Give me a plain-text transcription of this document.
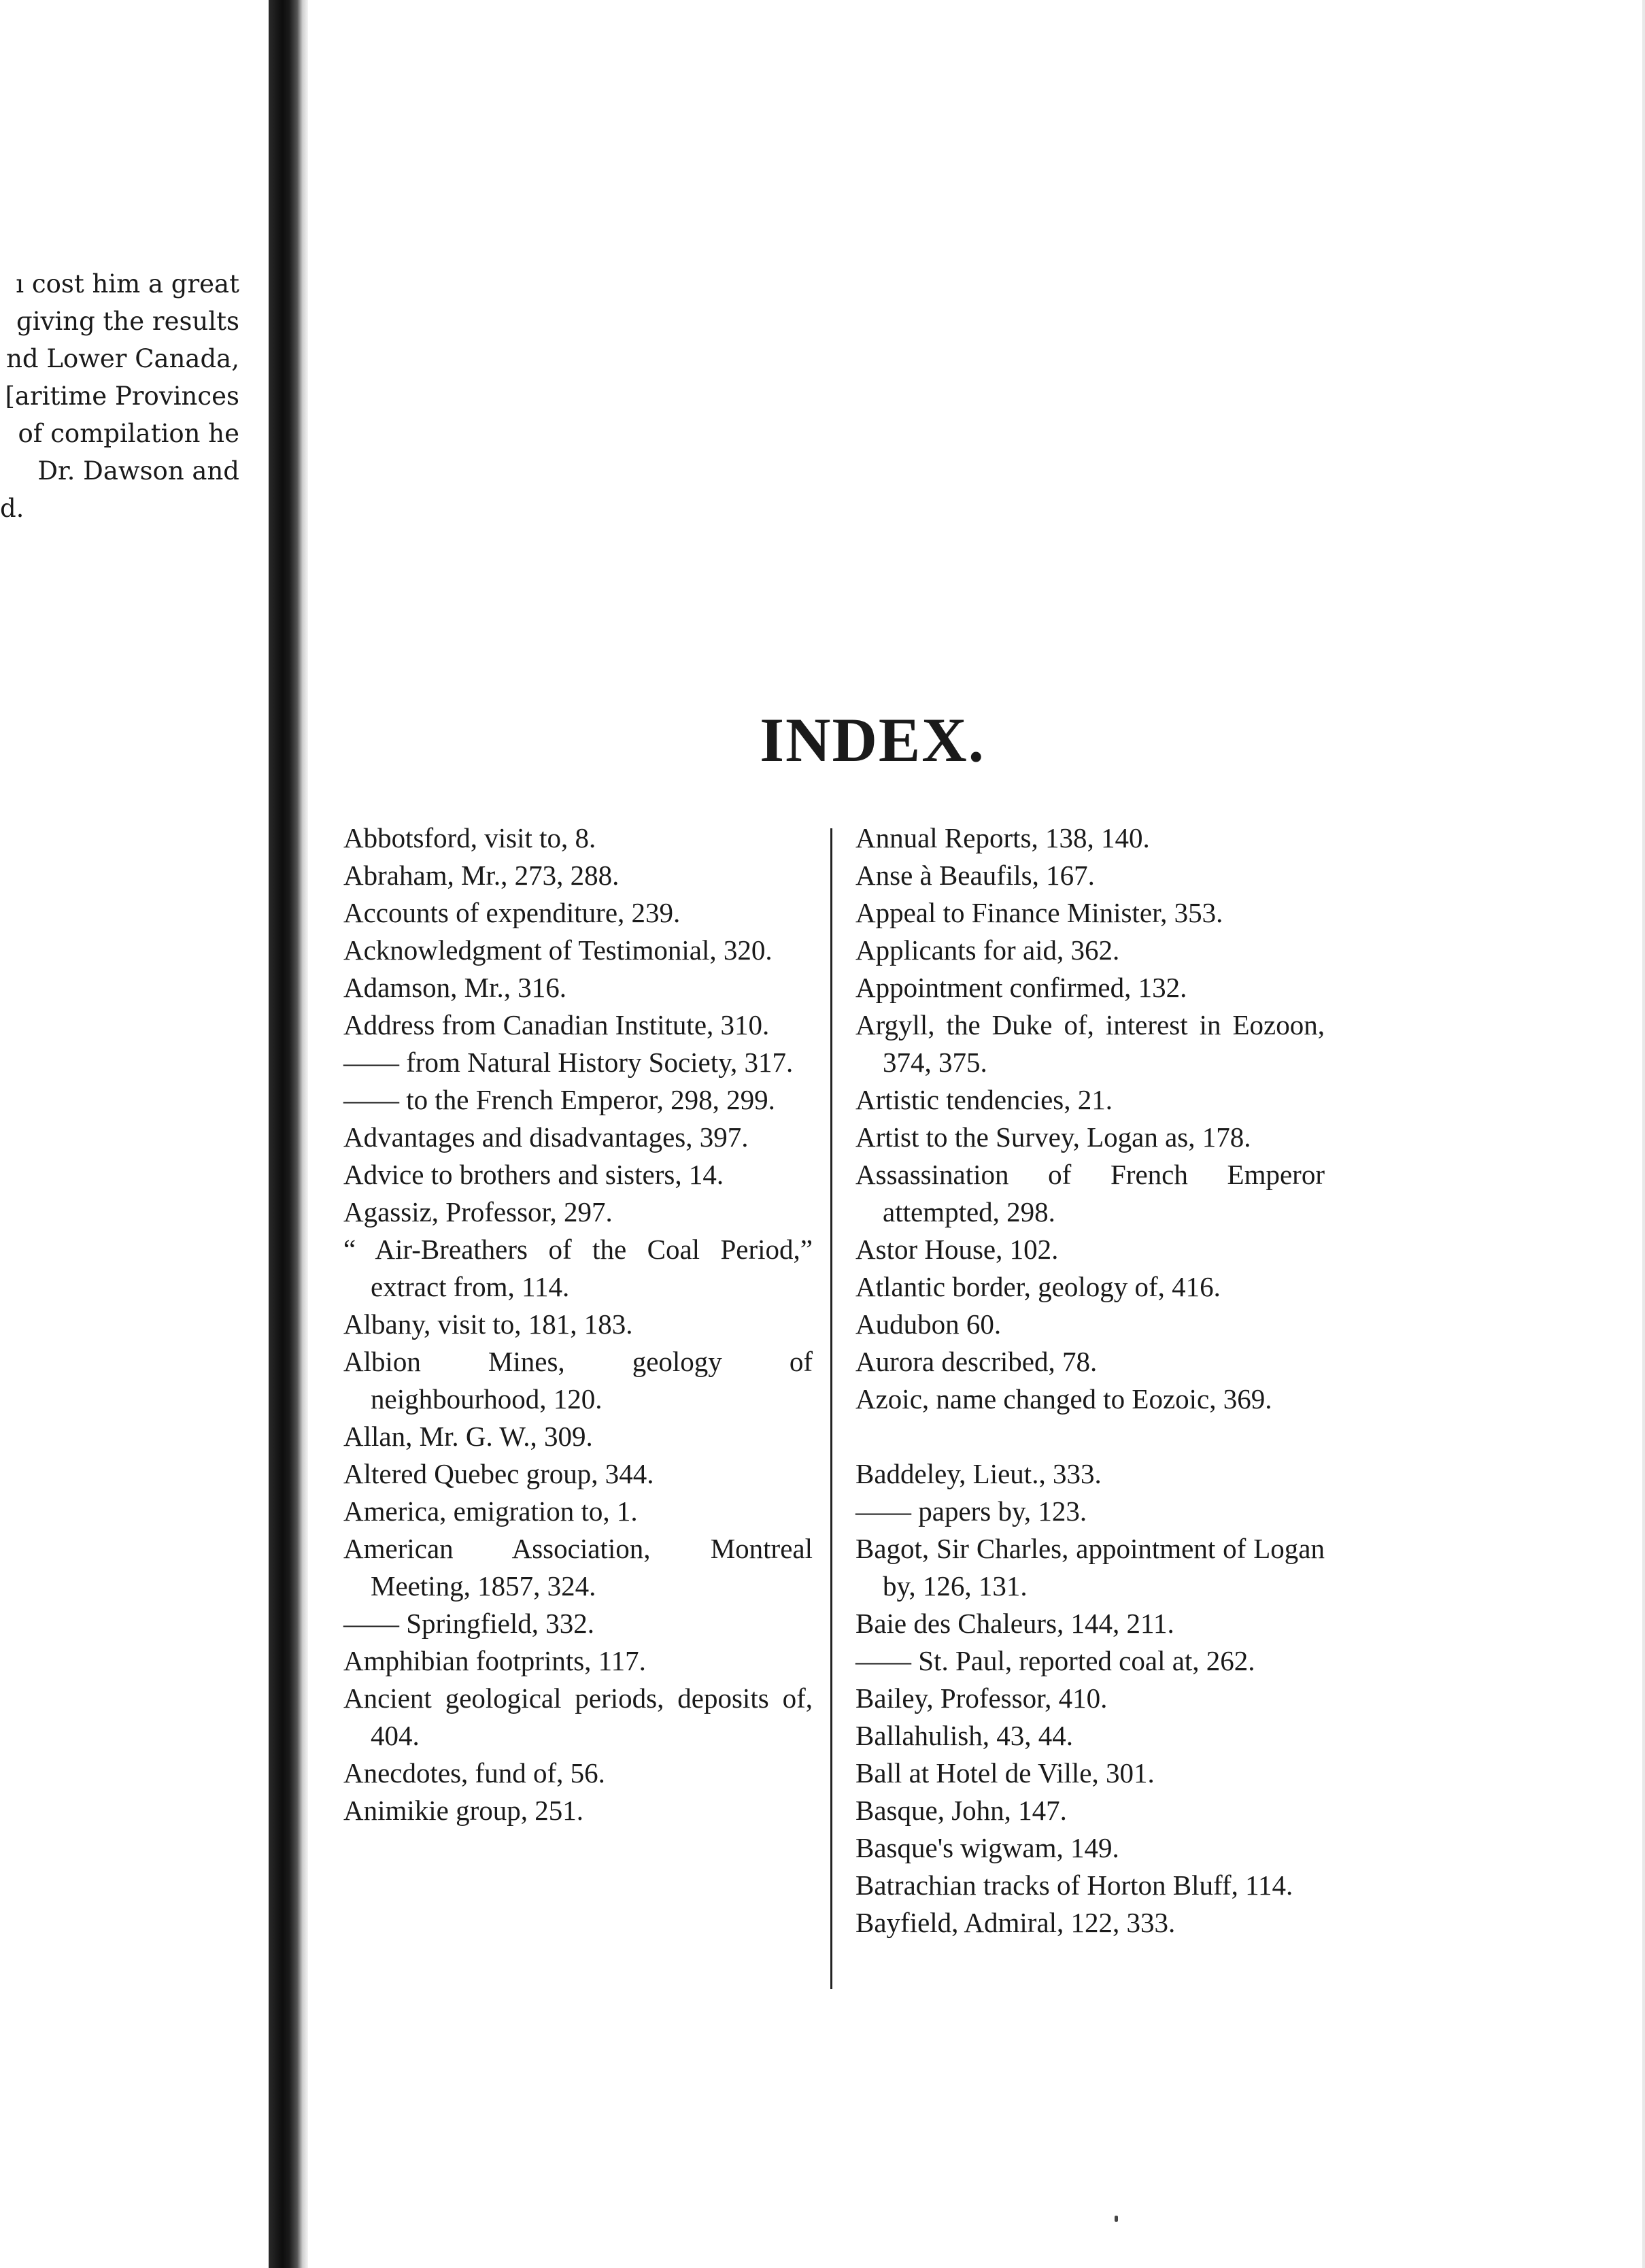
ı cost him a great
ɡiving the results
nd Lower Canada,
[aritime Provinces
of compilation he
Dr. Dawson and
d.
INDEX.
Abbotsford, visit to, 8.
Abraham, Mr., 273, 288.
Accounts of expenditure, 239.
Acknowledgment of Testimonial, 320.
Adamson, Mr., 316.
Address from Canadian Institute, 310.
—— from Natural History Society, 317.
—— to the French Emperor, 298, 299.
Advantages and disadvantages, 397.
Advice to brothers and sisters, 14.
Agassiz, Professor, 297.
“ Air-Breathers of the Coal Period,” extract from, 114.
Albany, visit to, 181, 183.
Albion Mines, geology of neighbourhood, 120.
Allan, Mr. G. W., 309.
Altered Quebec group, 344.
America, emigration to, 1.
American Association, Montreal Meeting, 1857, 324.
—— Springfield, 332.
Amphibian footprints, 117.
Ancient geological periods, deposits of, 404.
Anecdotes, fund of, 56.
Animikie group, 251.
Annual Reports, 138, 140.
Anse à Beaufils, 167.
Appeal to Finance Minister, 353.
Applicants for aid, 362.
Appointment confirmed, 132.
Argyll, the Duke of, interest in Eozoon, 374, 375.
Artistic tendencies, 21.
Artist to the Survey, Logan as, 178.
Assassination of French Emperor attempted, 298.
Astor House, 102.
Atlantic border, geology of, 416.
Audubon 60.
Aurora described, 78.
Azoic, name changed to Eozoic, 369.
Baddeley, Lieut., 333.
—— papers by, 123.
Bagot, Sir Charles, appointment of Logan by, 126, 131.
Baie des Chaleurs, 144, 211.
—— St. Paul, reported coal at, 262.
Bailey, Professor, 410.
Ballahulish, 43, 44.
Ball at Hotel de Ville, 301.
Basque, John, 147.
Basque's wigwam, 149.
Batrachian tracks of Horton Bluff, 114.
Bayfield, Admiral, 122, 333.
